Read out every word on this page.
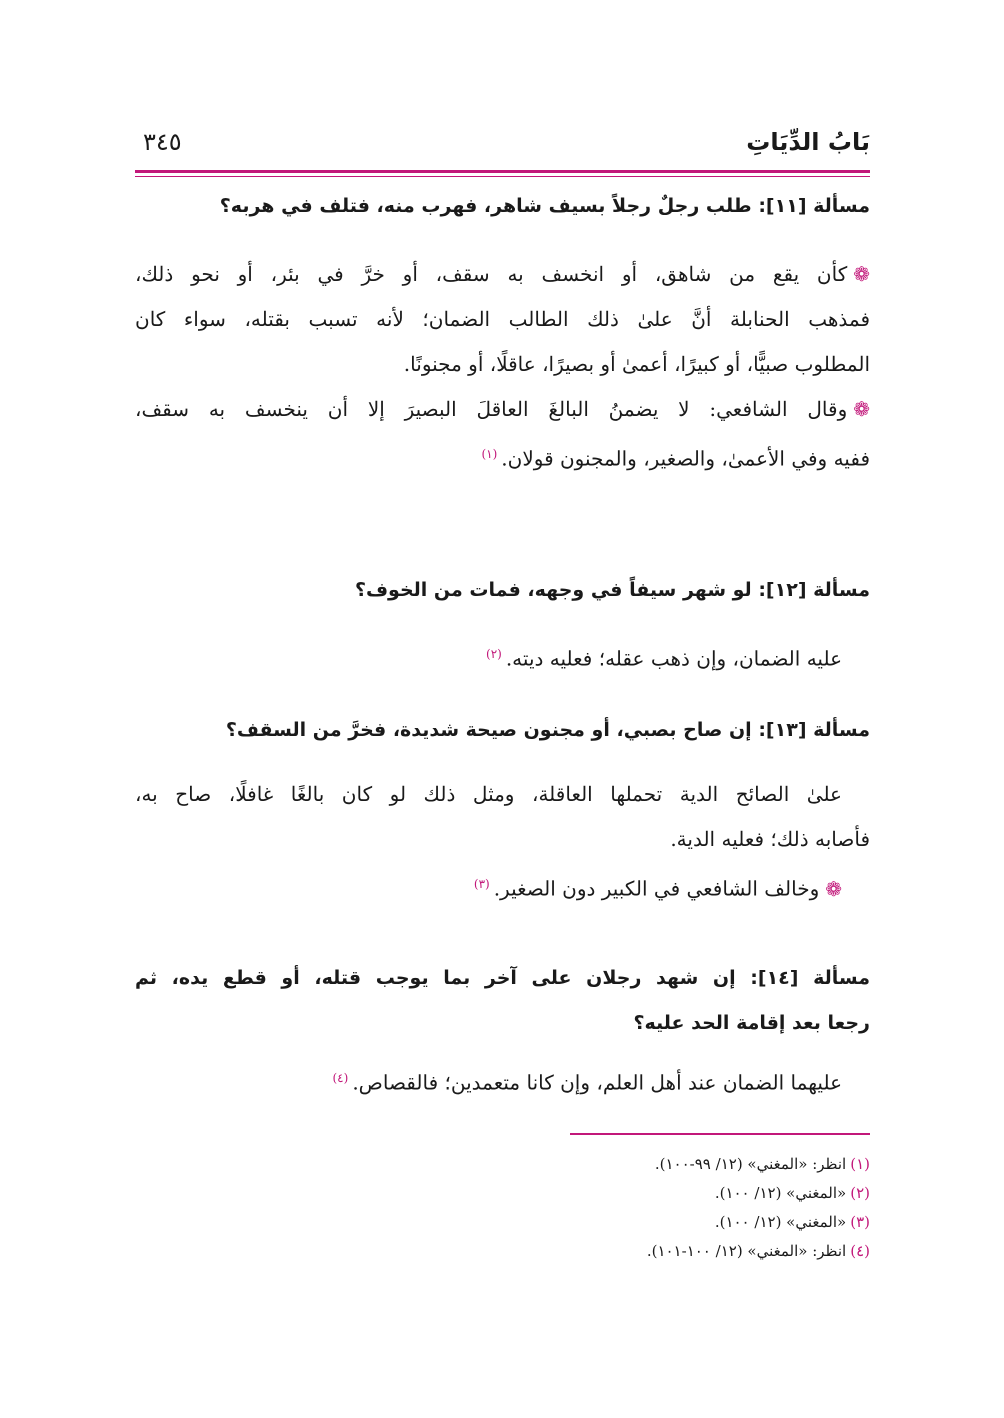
بَابُ الدِّيَاتِ
٣٤٥
مسألة [١١]: طلب رجلٌ رجلاً بسيف شاهر، فهرب منه، فتلف في هربه؟
❁كأن يقع من شاهق، أو انخسف به سقف، أو خرَّ في بئر، أو نحو ذلك،
فمذهب الحنابلة أنَّ علىٰ ذلك الطالب الضمان؛ لأنه تسبب بقتله، سواء كان
المطلوب صبيًّا، أو كبيرًا، أعمىٰ أو بصيرًا، عاقلًا، أو مجنونًا.
❁وقال الشافعي: لا يضمنُ البالغَ العاقلَ البصيرَ إلا أن ينخسف به سقف،
ففيه وفي الأعمىٰ، والصغير، والمجنون قولان.$^{(١)}$
مسألة [١٢]: لو شهر سيفاً في وجهه، فمات من الخوف؟
عليه الضمان، وإن ذهب عقله؛ فعليه ديته.$^{(٢)}$
مسألة [١٣]: إن صاح بصبي، أو مجنون صيحة شديدة، فخرَّ من السقف؟
علىٰ الصائح الدية تحملها العاقلة، ومثل ذلك لو كان بالغًا غافلًا، صاح به،
فأصابه ذلك؛ فعليه الدية.
❁وخالف الشافعي في الكبير دون الصغير.$^{(٣)}$
مسألة [١٤]: إن شهد رجلان على آخر بما يوجب قتله، أو قطع يده، ثم
رجعا بعد إقامة الحد عليه؟
عليهما الضمان عند أهل العلم، وإن كانا متعمدين؛ فالقصاص.$^{(٤)}$
(١)انظر: «المغني» (١٢/ ٩٩-١٠٠).
(٢)«المغني» (١٢/ ١٠٠).
(٣)«المغني» (١٢/ ١٠٠).
(٤)انظر: «المغني» (١٢/ ١٠٠-١٠١).
